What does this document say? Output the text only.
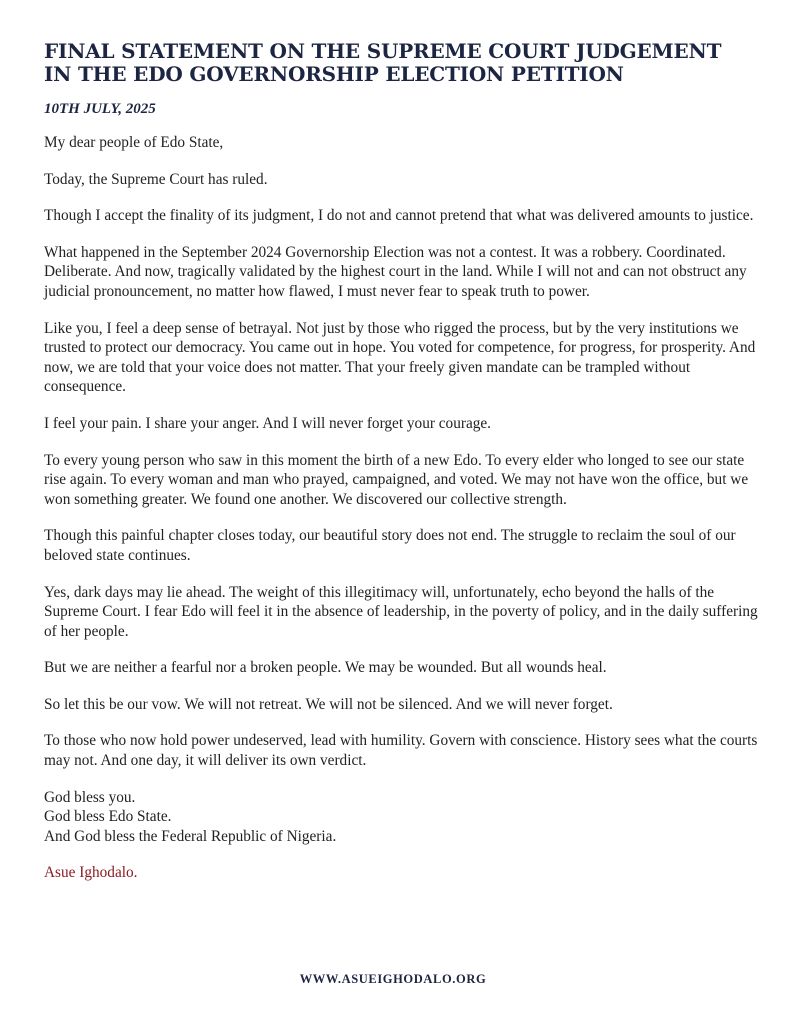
FINAL STATEMENT ON THE SUPREME COURT JUDGEMENT
IN THE EDO GOVERNORSHIP ELECTION PETITION

10TH JULY, 2025

My dear people of Edo State,

Today, the Supreme Court has ruled.

Though I accept the finality of its judgment, I do not and cannot pretend that what was delivered amounts to justice.

What happened in the September 2024 Governorship Election was not a contest. It was a robbery. Coordinated. Deliberate. And now, tragically validated by the highest court in the land. While I will not and can not obstruct any judicial pronouncement, no matter how flawed, I must never fear to speak truth to power.

Like you, I feel a deep sense of betrayal. Not just by those who rigged the process, but by the very institutions we trusted to protect our democracy. You came out in hope. You voted for competence, for progress, for prosperity. And now, we are told that your voice does not matter. That your freely given mandate can be trampled without consequence.

I feel your pain. I share your anger. And I will never forget your courage.

To every young person who saw in this moment the birth of a new Edo. To every elder who longed to see our state rise again. To every woman and man who prayed, campaigned, and voted. We may not have won the office, but we won something greater. We found one another. We discovered our collective strength.

Though this painful chapter closes today, our beautiful story does not end. The struggle to reclaim the soul of our beloved state continues.

Yes, dark days may lie ahead. The weight of this illegitimacy will, unfortunately, echo beyond the halls of the Supreme Court. I fear Edo will feel it in the absence of leadership, in the poverty of policy, and in the daily suffering of her people.

But we are neither a fearful nor a broken people. We may be wounded. But all wounds heal.

So let this be our vow. We will not retreat. We will not be silenced. And we will never forget.

To those who now hold power undeserved, lead with humility. Govern with conscience. History sees what the courts may not. And one day, it will deliver its own verdict.

God bless you.

God bless Edo State.

And God bless the Federal Republic of Nigeria.

Asue Ighodalo.

WWW.ASUEIGHODALO.ORG
